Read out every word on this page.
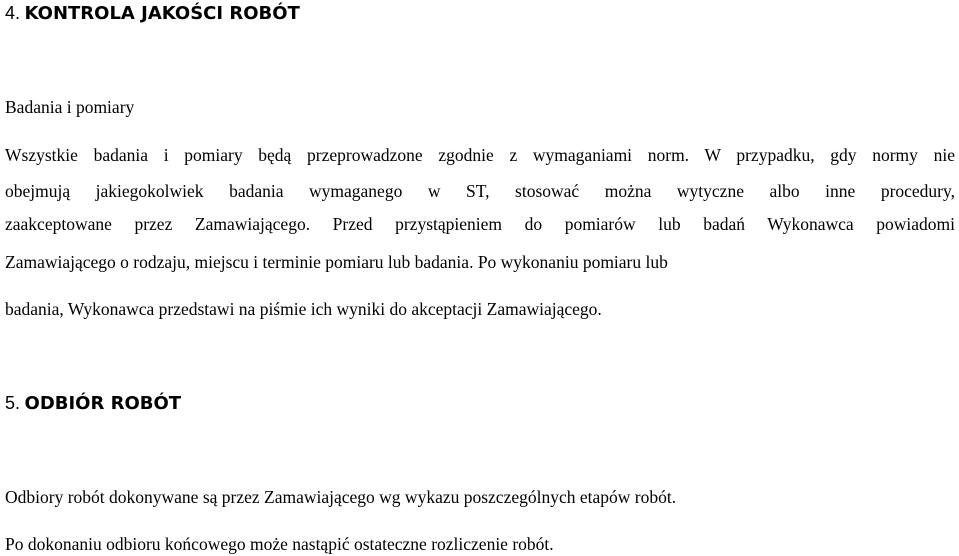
4. KONTROLA JAKOŚCI ROBÓT
Badania i pomiary
Wszystkie badania i pomiary będą przeprowadzone zgodnie z wymaganiami norm. W przypadku, gdy normy nie
obejmują jakiegokolwiek badania wymaganego w ST, stosować można wytyczne albo inne procedury,
zaakceptowane przez Zamawiającego. Przed przystąpieniem do pomiarów lub badań Wykonawca powiadomi
Zamawiającego o rodzaju, miejscu i terminie pomiaru lub badania. Po wykonaniu pomiaru lub
badania, Wykonawca przedstawi na piśmie ich wyniki do akceptacji Zamawiającego.
5. ODBIÓR ROBÓT
Odbiory robót dokonywane są przez Zamawiającego wg wykazu poszczególnych etapów robót.
Po dokonaniu odbioru końcowego może nastąpić ostateczne rozliczenie robót.
